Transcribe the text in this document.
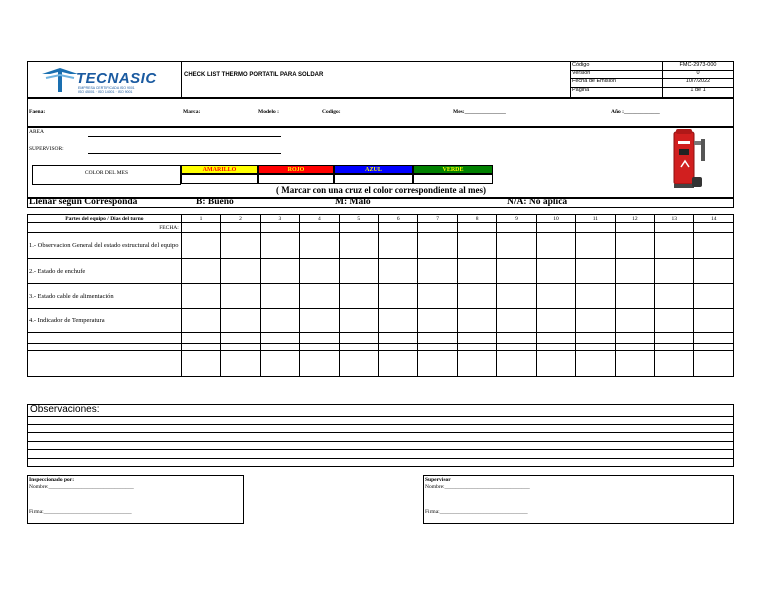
TECNASIC
EMPRESA CERTIFICADA ISO 9001
ISO 45001 · ISO 14001 · ISO 9001
CHECK LIST THERMO PORTATIL PARA SOLDAR
Código	FMC-2973-000
Versión	0
Fecha de Emision	10/7/2022
Página	1 de 1
Faena:	Marca:	Modelo :	Codigo:	Mes:_______________	Año :_____________
AREA
SUPERVISOR:
COLOR DEL MES	AMARILLO	ROJO	AZUL	VERDE
( Marcar con una cruz el color correspondiente al mes)
Llenar segun Corresponda	B: Bueno	M: Malo	N/A: No aplica
Partes del equipo / Dias del turno	1	2	3	4	5	6	7	8	9	10	11	12	13	14
FECHA:														
1.- Observacion General del estado estructural del equipo														
2.- Estado de enchufe														
3.- Estado cable de alimentación														
4.- Indicador de Temperatura														

Observaciones:
Inspeccionado por:
Nombre:_______________________________
Firma:________________________________
Supervisor
Nombre:_______________________________
Firma:________________________________
